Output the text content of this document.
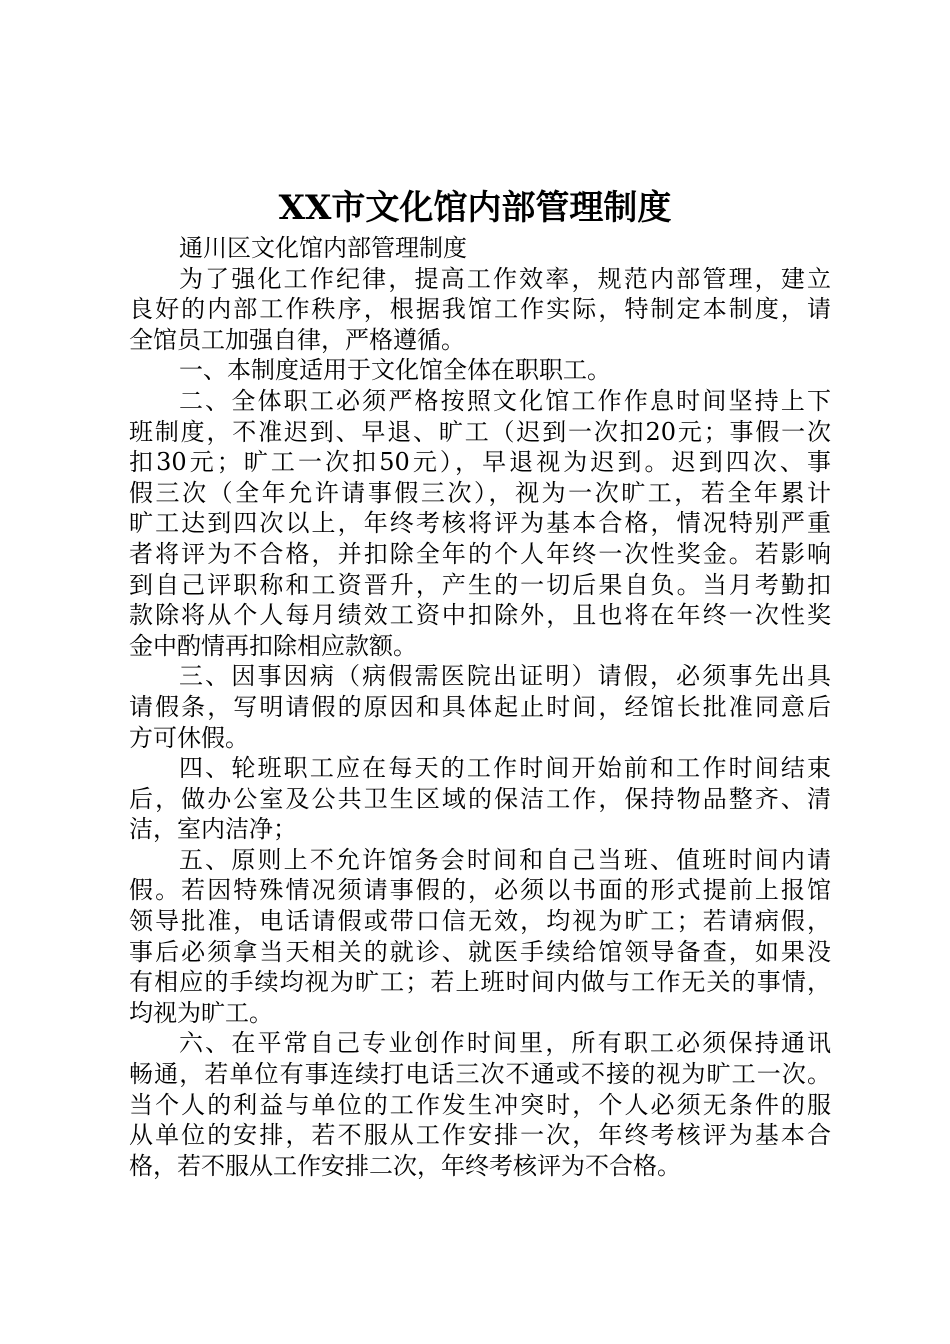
XX市文化馆内部管理制度
通川区文化馆内部管理制度
为了强化工作纪律，提高工作效率，规范内部管理，建立
良好的内部工作秩序，根据我馆工作实际，特制定本制度，请
全馆员工加强自律，严格遵循。
一、本制度适用于文化馆全体在职职工。
二、全体职工必须严格按照文化馆工作作息时间坚持上下
班制度，不准迟到、早退、旷工（迟到一次扣20元；事假一次
扣30元；旷工一次扣50元），早退视为迟到。迟到四次、事
假三次（全年允许请事假三次），视为一次旷工，若全年累计
旷工达到四次以上，年终考核将评为基本合格，情况特别严重
者将评为不合格，并扣除全年的个人年终一次性奖金。若影响
到自己评职称和工资晋升，产生的一切后果自负。当月考勤扣
款除将从个人每月绩效工资中扣除外，且也将在年终一次性奖
金中酌情再扣除相应款额。
三、因事因病（病假需医院出证明）请假，必须事先出具
请假条，写明请假的原因和具体起止时间，经馆长批准同意后
方可休假。
四、轮班职工应在每天的工作时间开始前和工作时间结束
后，做办公室及公共卫生区域的保洁工作，保持物品整齐、清
洁，室内洁净；
五、原则上不允许馆务会时间和自己当班、值班时间内请
假。若因特殊情况须请事假的，必须以书面的形式提前上报馆
领导批准，电话请假或带口信无效，均视为旷工；若请病假，
事后必须拿当天相关的就诊、就医手续给馆领导备查，如果没
有相应的手续均视为旷工；若上班时间内做与工作无关的事情，
均视为旷工。
六、在平常自己专业创作时间里，所有职工必须保持通讯
畅通，若单位有事连续打电话三次不通或不接的视为旷工一次。
当个人的利益与单位的工作发生冲突时，个人必须无条件的服
从单位的安排，若不服从工作安排一次，年终考核评为基本合
格，若不服从工作安排二次，年终考核评为不合格。
